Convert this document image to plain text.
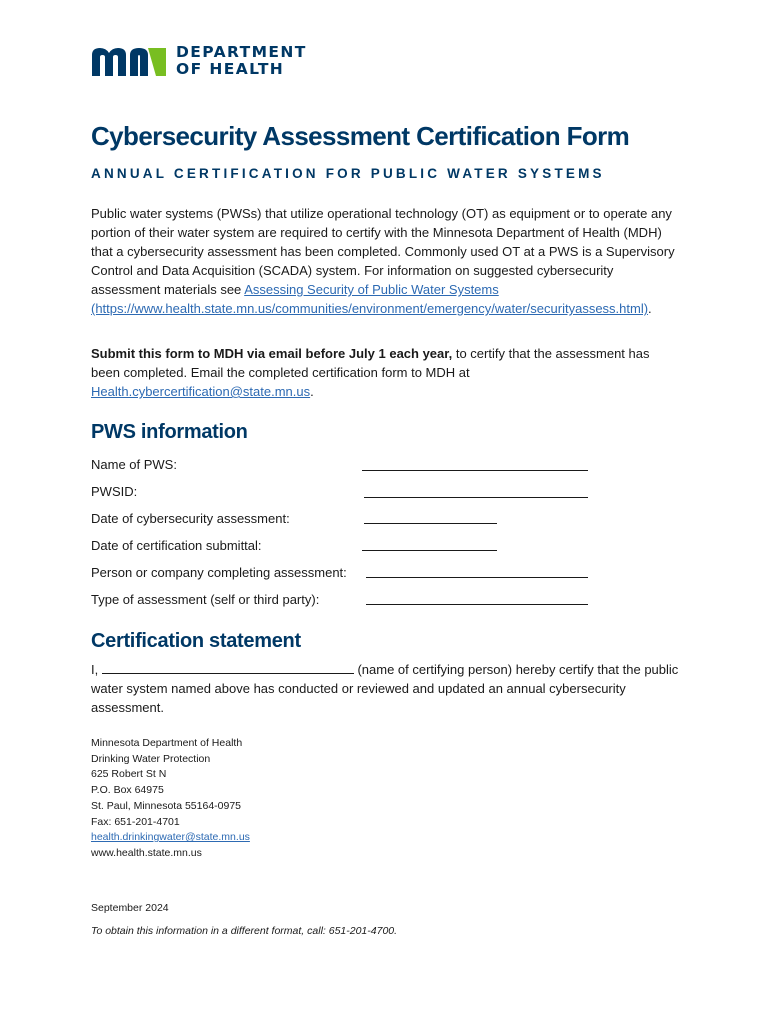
DEPARTMENT
OF HEALTH
Cybersecurity Assessment Certification Form
ANNUAL CERTIFICATION FOR PUBLIC WATER SYSTEMS

Public water systems (PWSs) that utilize operational technology (OT) as equipment or to operate any portion of their water system are required to certify with the Minnesota Department of Health (MDH) that a cybersecurity assessment has been completed. Commonly used OT at a PWS is a Supervisory Control and Data Acquisition (SCADA) system. For information on suggested cybersecurity assessment materials see Assessing Security of Public Water Systems (https://www.health.state.mn.us/communities/environment/emergency/water/securityassess.html).

Submit this form to MDH via email before July 1 each year, to certify that the assessment has been completed. Email the completed certification form to MDH at Health.cybercertification@state.mn.us.

PWS information
Name of PWS:
PWSID:
Date of cybersecurity assessment:
Date of certification submittal:
Person or company completing assessment:
Type of assessment (self or third party):
Certification statement

I,	(name of certifying person) hereby certify that the public water system named above has conducted or reviewed and updated an annual cybersecurity assessment.

Minnesota Department of Health
Drinking Water Protection
625 Robert St N
P.O. Box 64975
St. Paul, Minnesota 55164-0975
Fax: 651-201-4701
health.drinkingwater@state.mn.us
www.health.state.mn.us
September 2024
To obtain this information in a different format, call: 651-201-4700.
